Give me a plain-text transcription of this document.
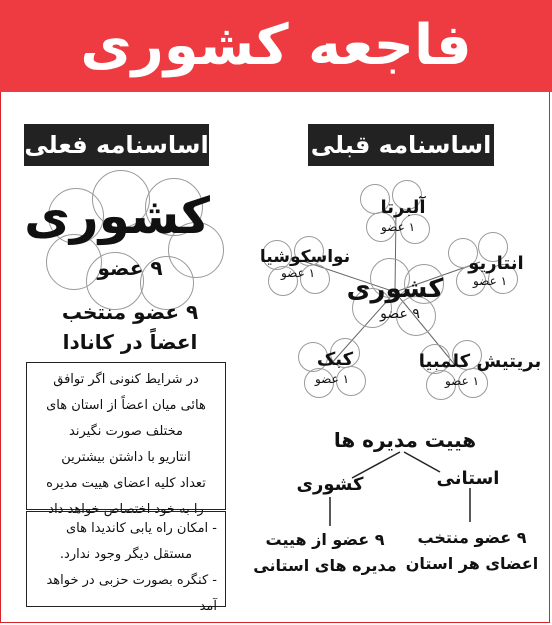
فاجعه کشوری
اساسنامه فعلی	اساسنامه قبلی
کشوری
۹ عضو
۹ عضو منتخب
اعضاً در کانادا
در شرایط کنونی اگر توافق
هائی میان اعضاً از استان های
مختلف صورت نگیرند
انتاریو با داشتن بیشترین
تعداد کلیه اعضای هییت مدیره
را به خود اختصاص خواهد داد
- امکان راه یابی کاندیدا های
مستقل دیگر وجود ندارد.
- کنگره بصورت حزبی در خواهد آمد
کشوری
۹ عضو
آلبرتا
۱ عضو
انتاریو
۱ عضو
بریتیش کلمبیا
۱ عضو
کبک
۱ عضو
نواسکوشیا
۱ عضو
هییت مدیره ها
کشوری	استانی
۹ عضو از هییت
مدیره های استانی
۹ عضو منتخب
اعضای هر استان
